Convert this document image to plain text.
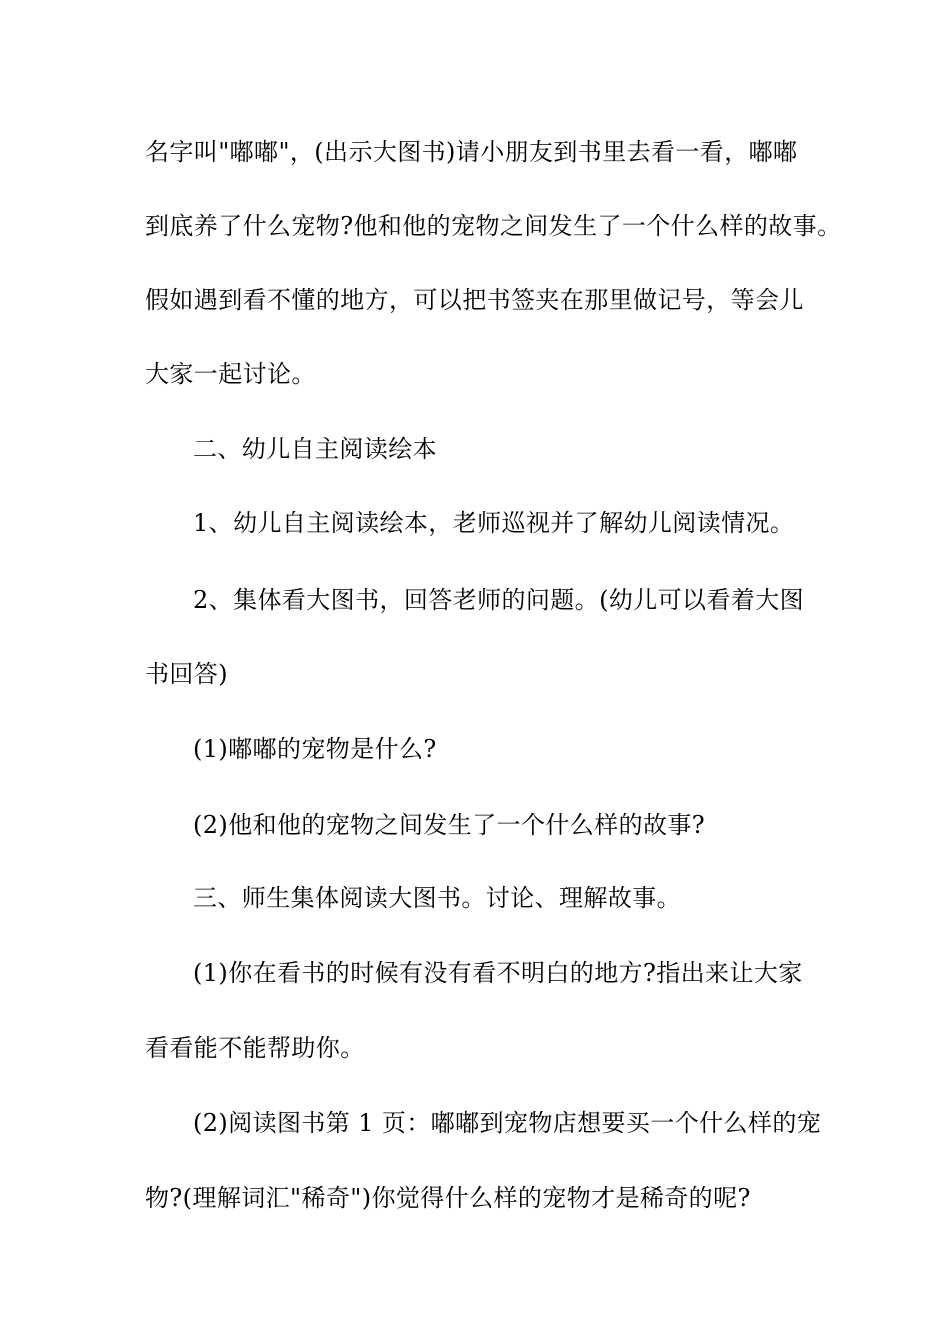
名字叫"嘟嘟"，(出示大图书)请小朋友到书里去看一看，嘟嘟
到底养了什么宠物?他和他的宠物之间发生了一个什么样的故事。
假如遇到看不懂的地方，可以把书签夹在那里做记号，等会儿
大家一起讨论。
二、幼儿自主阅读绘本
1、幼儿自主阅读绘本，老师巡视并了解幼儿阅读情况。
2、集体看大图书，回答老师的问题。(幼儿可以看着大图
书回答)
(1)嘟嘟的宠物是什么?
(2)他和他的宠物之间发生了一个什么样的故事?
三、师生集体阅读大图书。讨论、理解故事。
(1)你在看书的时候有没有看不明白的地方?指出来让大家
看看能不能帮助你。
(2)阅读图书第 1 页：嘟嘟到宠物店想要买一个什么样的宠
物?(理解词汇"稀奇")你觉得什么样的宠物才是稀奇的呢?
